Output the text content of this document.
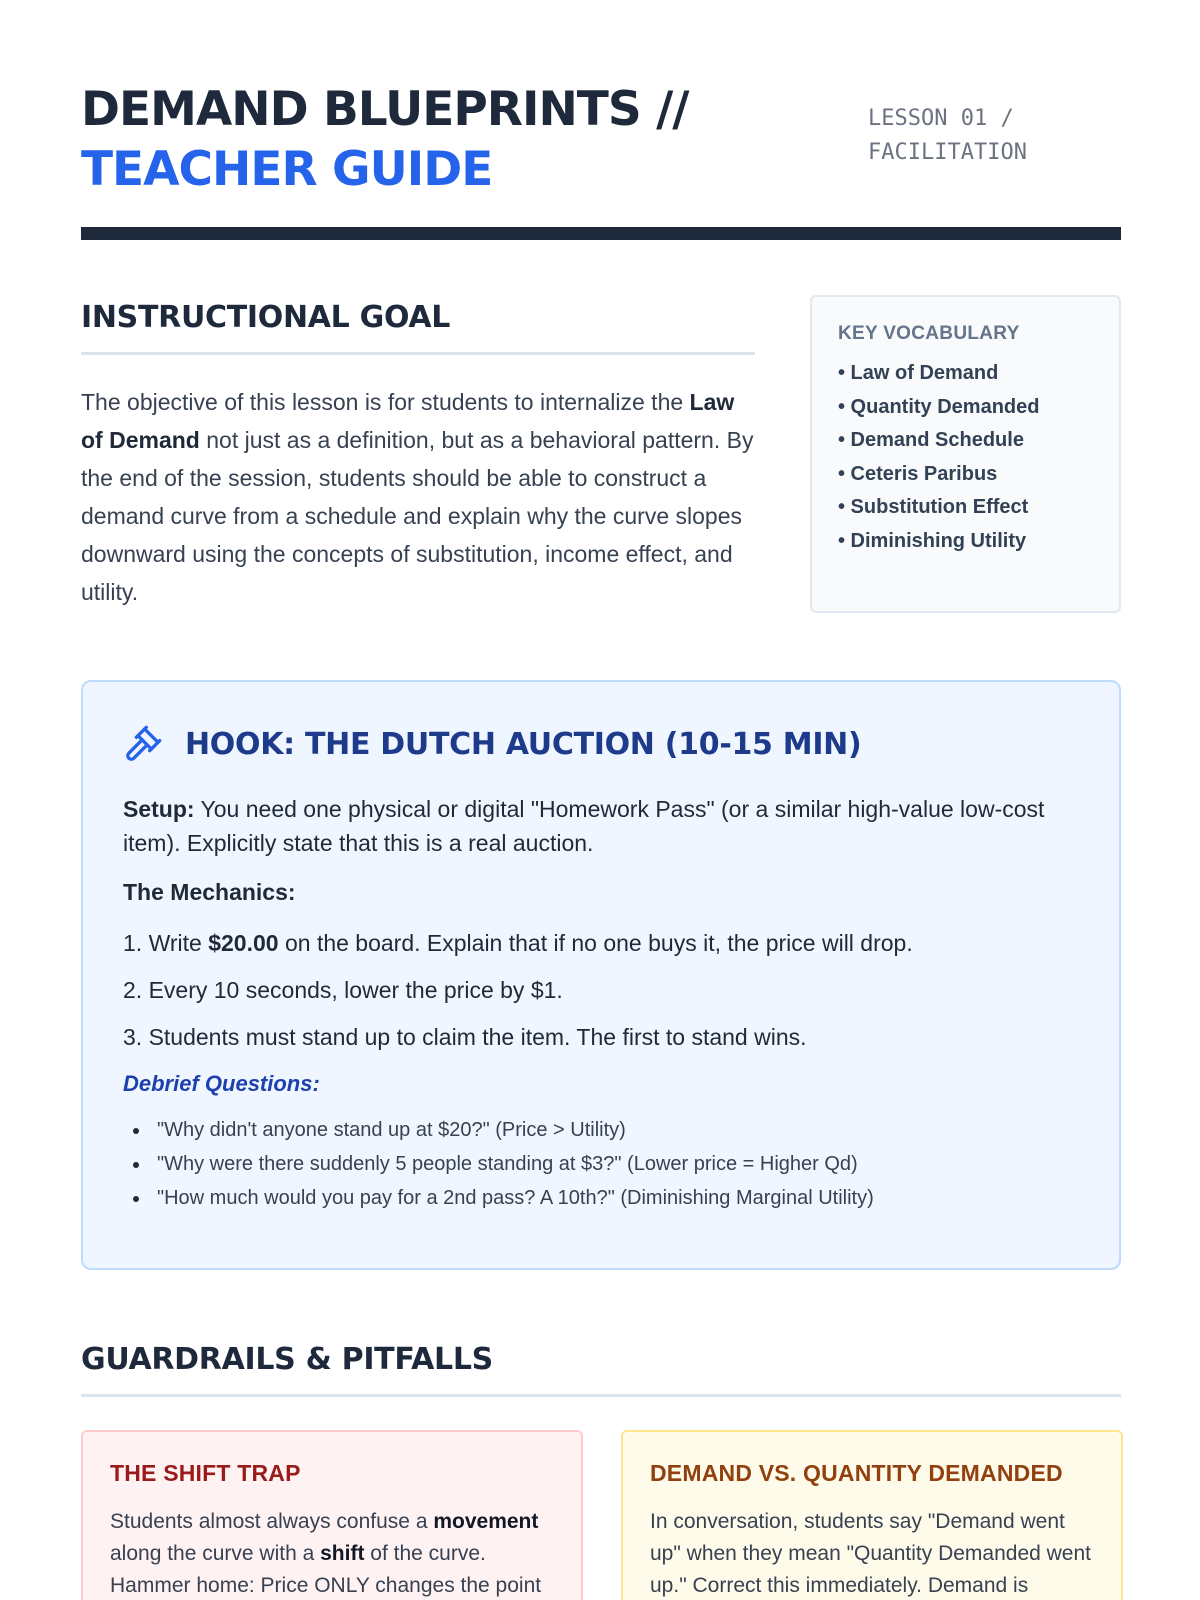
DEMAND BLUEPRINTS //
TEACHER GUIDE
LESSON 01 /
FACILITATION
INSTRUCTIONAL GOAL

The objective of this lesson is for students to internalize the Law of Demand not just as a definition, but as a behavioral pattern. By the end of the session, students should be able to construct a demand curve from a schedule and explain why the curve slopes downward using the concepts of substitution, income effect, and utility.

KEY VOCABULARY
• Law of Demand
• Quantity Demanded
• Demand Schedule
• Ceteris Paribus
• Substitution Effect
• Diminishing Utility
HOOK: THE DUTCH AUCTION (10-15 MIN)

Setup: You need one physical or digital "Homework Pass" (or a similar high-value low-cost item). Explicitly state that this is a real auction.

The Mechanics:
1. Write $20.00 on the board. Explain that if no one buys it, the price will drop.
2. Every 10 seconds, lower the price by $1.
3. Students must stand up to claim the item. The first to stand wins.
Debrief Questions:
"Why didn't anyone stand up at $20?" (Price > Utility)
"Why were there suddenly 5 people standing at $3?" (Lower price = Higher Qd)
"How much would you pay for a 2nd pass? A 10th?" (Diminishing Marginal Utility)
GUARDRAILS & PITFALLS
THE SHIFT TRAP

Students almost always confuse a movement along the curve with a shift of the curve. Hammer home: Price ONLY changes the point

DEMAND VS. QUANTITY DEMANDED

In conversation, students say "Demand went up" when they mean "Quantity Demanded went up." Correct this immediately. Demand is
